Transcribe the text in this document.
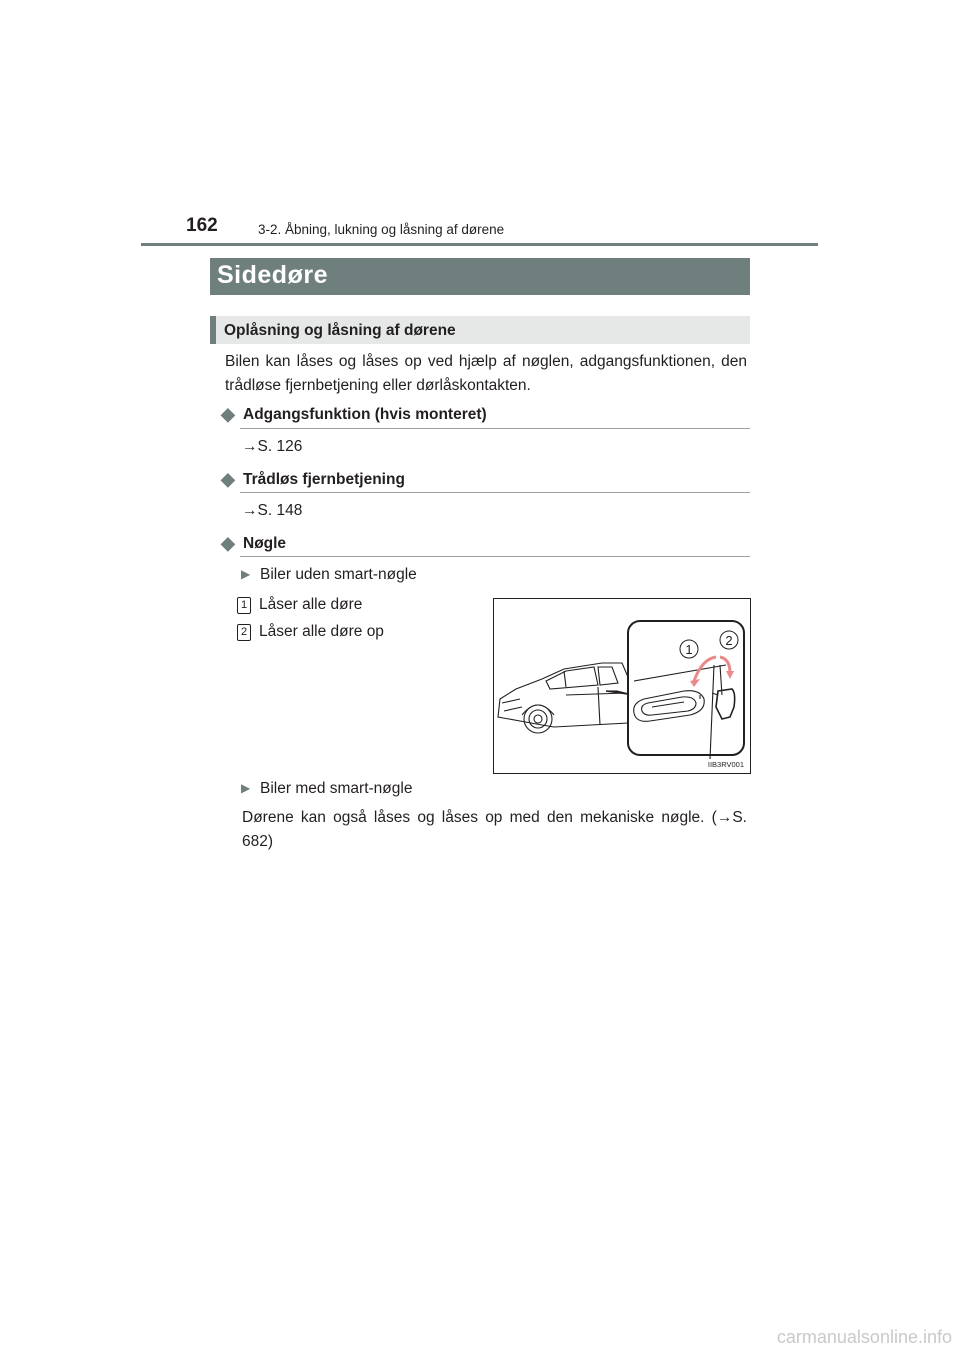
162	3-2. Åbning, lukning og låsning af dørene
Sidedøre
Oplåsning og låsning af dørene
Bilen kan låses og låses op ved hjælp af nøglen, adgangsfunktionen, den trådløse fjernbetjening eller dørlåskontakten.
◆ Adgangsfunktion (hvis monteret)
→S. 126
◆ Trådløs fjernbetjening
→S. 148
◆ Nøgle
▶ Biler uden smart-nøgle
1 Låser alle døre
2 Låser alle døre op
1
2
IIB3RV001
▶ Biler med smart-nøgle
Dørene kan også låses og låses op med den mekaniske nøgle. (→S. 682)
carmanualsonline.info
